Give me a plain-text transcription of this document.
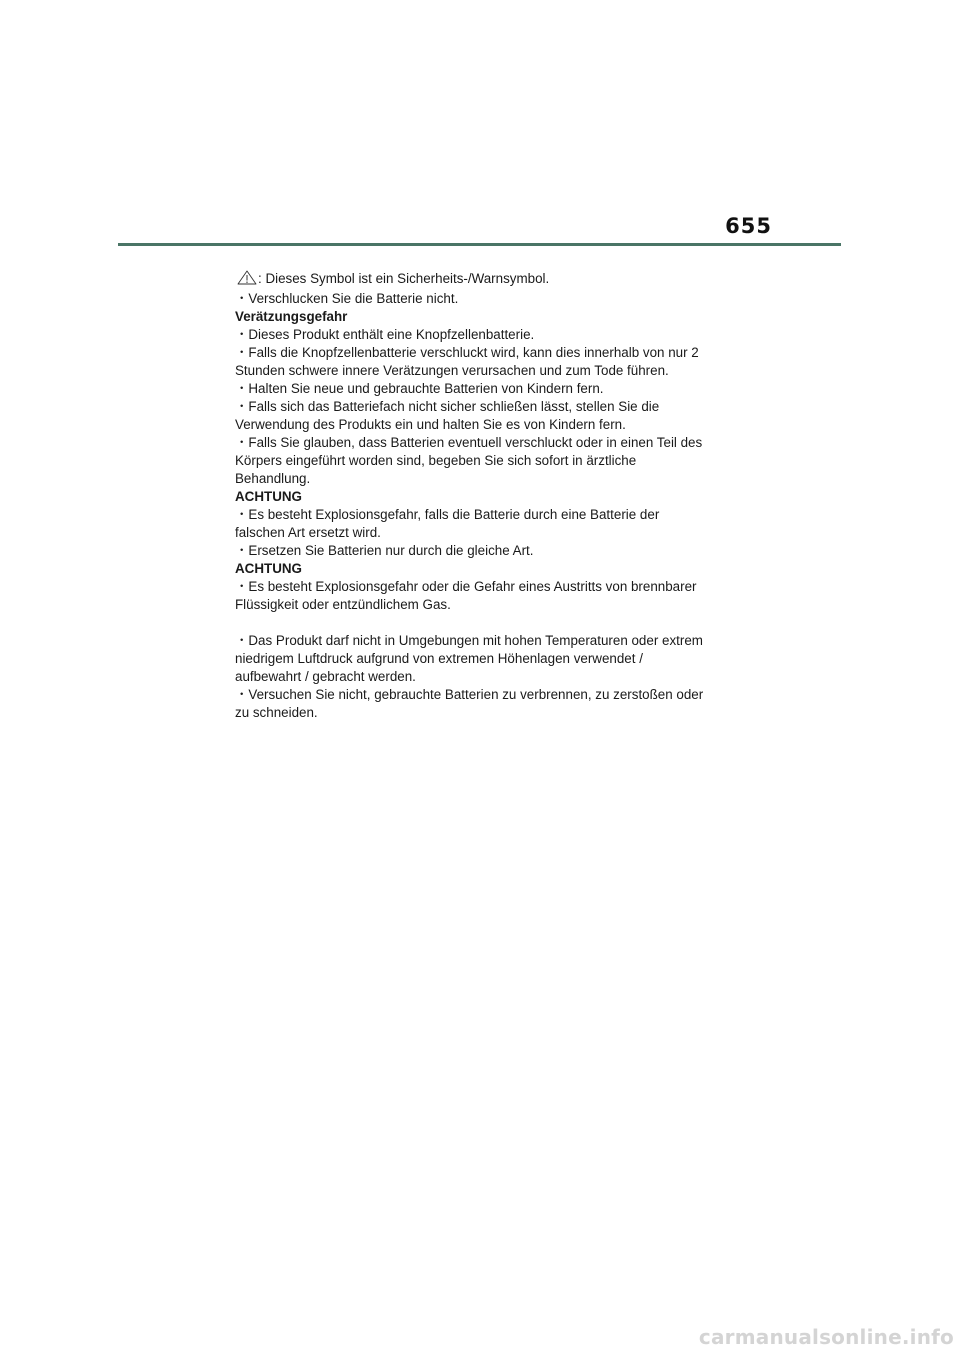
655
: Dieses Symbol ist ein Sicherheits-/Warnsymbol.
・Verschlucken Sie die Batterie nicht.
Verätzungsgefahr
・Dieses Produkt enthält eine Knopfzellenbatterie.
・Falls die Knopfzellenbatterie verschluckt wird, kann dies innerhalb von nur 2
Stunden schwere innere Verätzungen verursachen und zum Tode führen.
・Halten Sie neue und gebrauchte Batterien von Kindern fern.
・Falls sich das Batteriefach nicht sicher schließen lässt, stellen Sie die
Verwendung des Produkts ein und halten Sie es von Kindern fern.
・Falls Sie glauben, dass Batterien eventuell verschluckt oder in einen Teil des
Körpers eingeführt worden sind, begeben Sie sich sofort in ärztliche
Behandlung.
ACHTUNG
・Es besteht Explosionsgefahr, falls die Batterie durch eine Batterie der
falschen Art ersetzt wird.
・Ersetzen Sie Batterien nur durch die gleiche Art.
ACHTUNG
・Es besteht Explosionsgefahr oder die Gefahr eines Austritts von brennbarer
Flüssigkeit oder entzündlichem Gas.
・Das Produkt darf nicht in Umgebungen mit hohen Temperaturen oder extrem
niedrigem Luftdruck aufgrund von extremen Höhenlagen verwendet /
aufbewahrt / gebracht werden.
・Versuchen Sie nicht, gebrauchte Batterien zu verbrennen, zu zerstoßen oder
zu schneiden.
carmanualsonline.info
